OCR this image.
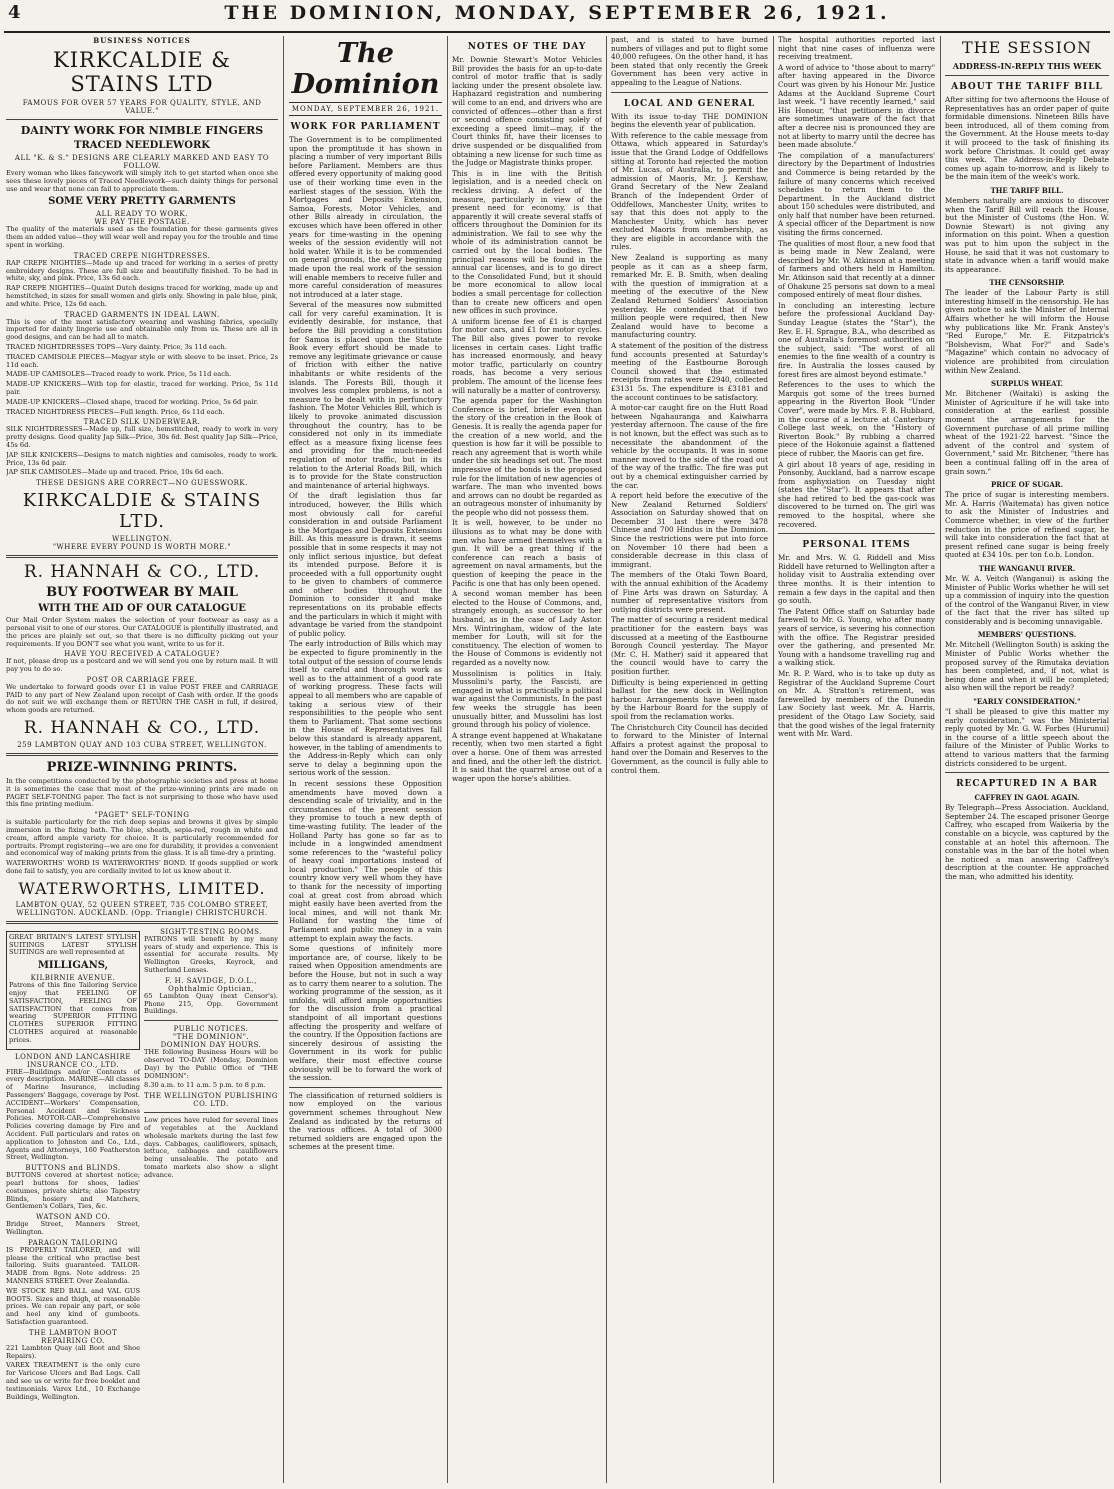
4	THE DOMINION, MONDAY, SEPTEMBER 26, 1921.
BUSINESS NOTICES
KIRKCALDIE & STAINS LTD
FAMOUS FOR OVER 57 YEARS FOR QUALITY, STYLE, AND VALUE."
DAINTY WORK FOR NIMBLE FINGERS
TRACED NEEDLEWORK
ALL "K. & S." DESIGNS ARE CLEARLY MARKED AND EASY TO FOLLOW.

Every woman who likes fancywork will simply itch to get started when once she sees these lovely pieces of Traced Needlework—such dainty things for personal use and wear that none can fail to appreciate them.

SOME VERY PRETTY GARMENTS
ALL READY TO WORK.
WE PAY THE POSTAGE.

The quality of the materials used as the foundation for these garments gives them an added value—they will wear well and repay you for the trouble and time spent in working.

TRACED CREPE NIGHTDRESSES.

RAP CREPE NIGHTIES—Made up and traced for working in a series of pretty embroidery designs. These are full size and beautifully finished. To be had in white, sky, and pink. Price, 13s 6d each.

RAP CREPE NIGHTIES—Quaint Dutch designs traced for working, made up and hemstitched, in sizes for small women and girls only. Showing in pale blue, pink, and white. Price, 12s 6d each.

TRACED GARMENTS IN IDEAL LAWN.

This is one of the most satisfactory wearing and washing fabrics, specially imported for dainty lingerie use and obtainable only from us. These are all in good designs, and can be had all to match.

TRACED NIGHTDRESSES TOPS—Very dainty. Price, 3s 11d each.

TRACED CAMISOLE PIECES—Magyar style or with sleeve to be inset. Price, 2s 11d each.

MADE-UP CAMISOLES—Traced ready to work. Price, 5s 11d each.

MADE-UP KNICKERS—With top for elastic, traced for working. Price, 5s 11d pair.

MADE-UP KNICKERS—Closed shape, traced for working. Price, 5s 6d pair.

TRACED NIGHTDRESS PIECES—Full length. Price, 6s 11d each.

TRACED SILK UNDERWEAR.

SILK NIGHTDRESSES—Made up, full size, hemstitched, ready to work in very pretty designs. Good quality Jap Silk—Price, 30s 6d. Best quality Jap Silk—Price, 45s 6d.

JAP SILK KNICKERS—Designs to match nighties and camisoles, ready to work. Price, 13s 6d pair.

JAP SILK CAMISOLES—Made up and traced. Price, 10s 6d each.

THESE DESIGNS ARE CORRECT—NO GUESSWORK.
KIRKCALDIE & STAINS LTD.
WELLINGTON.
"WHERE EVERY POUND IS WORTH MORE."
R. HANNAH & CO., LTD.
BUY FOOTWEAR BY MAIL
WITH THE AID OF OUR CATALOGUE

Our Mail Order System makes the selection of your footwear as easy as a personal visit to one of our stores. Our CATALOGUE is plentifully illustrated, and the prices are plainly set out, so that there is no difficulty picking out your requirements. If you DON'T see what you want, write to us for it.

HAVE YOU RECEIVED A CATALOGUE?

If not, please drop us a postcard and we will send you one by return mail. It will pay you to do so.

POST OR CARRIAGE FREE.

We undertake to forward goods over £1 in value POST FREE and CARRIAGE PAID to any part of New Zealand upon receipt of Cash with order. If the goods do not suit we will exchange them or RETURN THE CASH in full, if desired, whom goods are returned.

R. HANNAH & CO., LTD.
259 LAMBTON QUAY AND 103 CUBA STREET, WELLINGTON.
PRIZE-WINNING PRINTS.

In the competitions conducted by the photographic societies and press at home it is sometimes the case that most of the prize-winning prints are made on PAGET SELF-TONING paper. The fact is not surprising to those who have used this fine printing medium.

"PAGET" SELF-TONING

is suitable particularly for the rich deep sepias and browns it gives by simple immersion in the fixing bath. The blue, sheath, sepia-red, rough in white and cream, afford ample variety for choice. It is particularly recommended for portraits. Prompt registering—we are one for durability, it provides a convenient and economical way of making prints from the glass. It is all time-dry a printing.

WATERWORTHS' WORD IS WATERWORTHS' BOND. If goods supplied or work done fail to satisfy, you are cordially invited to let us know about it.

WATERWORTHS, LIMITED.
LAMBTON QUAY, 52 QUEEN STREET, 735 COLOMBO STREET,
WELLINGTON. AUCKLAND. (Opp. Triangle) CHRISTCHURCH.

GREAT BRITAIN'S LATEST STYLISH SUITINGS LATEST STYLISH SUITINGS are well represented at

MILLIGANS,
KILBIRNIE AVENUE.

Patrons of this fine Tailoring Service enjoy that FEELING OF SATISFACTION, FEELING OF SATISFACTION that comes from wearing SUPERIOR FITTING CLOTHES SUPERIOR FITTING CLOTHES acquired at reasonable prices.

LONDON AND LANCASHIRE INSURANCE CO., LTD.

FIRE—Buildings and/or Contents of every description. MARINE—All classes of Marine Insurance, including Passengers' Baggage, coverage by Post. ACCIDENT—Workers' Compensation, Personal Accident and Sickness Policies. MOTOR-CAR—Comprehensive Policies covering damage by Fire and Accident. Full particulars and rates on application to Johnston and Co., Ltd., Agents and Attorneys, 160 Featherston Street, Wellington.

BUTTONS and BLINDS.

BUTTONS covered at shortest notice; pearl buttons for shoes, ladies' costumes, private shirts; also Tapestry Blinds, hosiery and Matchers, Gentlemen's Collars, Ties, &c.

WATSON AND CO.

Bridge Street, Manners Street, Wellington.

PARAGON TAILORING

IS PROPERLY TAILORED, and will please the critical who practise best tailoring. Suits guaranteed. TAILOR-MADE from 8gns. Note address: 25 MANNERS STREET. Over Zealandia.

WE STOCK RED BALL and VAL GUS BOOTS. Sizes and thigh, at reasonable prices. We can repair any part, or sole and heel any kind of gumboots. Satisfaction guaranteed.

THE LAMBTON BOOT REPAIRING CO.

221 Lambton Quay (all Boot and Shoe Repairs).

VAREX TREATMENT is the only cure for Varicose Ulcers and Bad Legs. Call and see us or write for free booklet and testimonials. Varex Ltd., 10 Exchange Buildings, Wellington.

SIGHT-TESTING ROOMS.

PATRONS will benefit by my many years of study and experience. This is essential for accurate results. My Wellington Greeks, Keyrock, and Sutherland Lenses.

F. H. SAVIDGE, D.O.L.,
Ophthalmic Optician,

65 Lambton Quay (next Censor's). Phone 215, Opp. Government Buildings.

PUBLIC NOTICES.
"THE DOMINION".
DOMINION DAY HOURS.

THE following Business Hours will be observed TO-DAY (Monday, Dominion Day) by the Public Office of "THE DOMINION":

8.30 a.m. to 11 a.m. 5 p.m. to 8 p.m.

THE WELLINGTON PUBLISHING CO. LTD.

Low prices have ruled for several lines of vegetables at the Auckland wholesale markets during the last few days. Cabbages, cauliflowers, spinach, lettuce, cabbages and cauliflowers being unsaleable. The potato and tomato markets also show a slight advance.

The Dominion
MONDAY, SEPTEMBER 26, 1921.
WORK FOR PARLIAMENT

The Government is to be complimented upon the promptitude it has shown in placing a number of very important Bills before Parliament. Members are thus offered every opportunity of making good use of their working time even in the earliest stages of the session. With the Mortgages and Deposits Extension, Samoa, Forests, Motor Vehicles, and other Bills already in circulation, the excuses which have been offered in other years for time-wasting in the opening weeks of the session evidently will not hold water. While it is to be commended on general grounds, the early beginning made upon the real work of the session will enable members to receive fuller and more careful consideration of measures not introduced at a later stage.

Several of the measures now submitted call for very careful examination. It is evidently desirable, for instance, that before the Bill providing a constitution for Samoa is placed upon the Statute Book every effort should be made to remove any legitimate grievance or cause of friction with either the native inhabitants or white residents of the islands. The Forests Bill, though it involves less complex problems, is not a measure to be dealt with in perfunctory fashion. The Motor Vehicles Bill, which is likely to provoke animated discussion throughout the country, has to be considered not only in its immediate effect as a measure fixing license fees and providing for the much-needed regulation of motor traffic, but in its relation to the Arterial Roads Bill, which is to provide for the State construction and maintenance of arterial highways.

Of the draft legislation thus far introduced, however, the Bills which most obviously call for careful consideration in and outside Parliament is the Mortgages and Deposits Extension Bill. As this measure is drawn, it seems possible that in some respects it may not only inflict serious injustice, but defeat its intended purpose. Before it is proceeded with a full opportunity ought to be given to chambers of commerce and other bodies throughout the Dominion to consider it and make representations on its probable effects and the particulars in which it might with advantage be varied from the standpoint of public policy.

The early introduction of Bills which may be expected to figure prominently in the total output of the session of course lends itself to careful and thorough work as well as to the attainment of a good rate of working progress. These facts will appeal to all members who are capable of taking a serious view of their responsibilities to the people who sent them to Parliament. That some sections in the House of Representatives fall below this standard is already apparent, however, in the tabling of amendments to the Address-in-Reply which can only serve to delay a beginning upon the serious work of the session.

In recent sessions these Opposition amendments have moved down a descending scale of triviality, and in the circumstances of the present session they promise to touch a new depth of time-wasting futility. The leader of the Holland Party has gone so far as to include in a longwinded amendment some references to the "wasteful policy of heavy coal importations instead of local production." The people of this country know very well whom they have to thank for the necessity of importing coal at great cost from abroad which might easily have been averted from the local mines, and will not thank Mr. Holland for wasting the time of Parliament and public money in a vain attempt to explain away the facts.

Some questions of infinitely more importance are, of course, likely to be raised when Opposition amendments are before the House, but not in such a way as to carry them nearer to a solution. The working programme of the session, as it unfolds, will afford ample opportunities for the discussion from a practical standpoint of all important questions affecting the prosperity and welfare of the country. If the Opposition factions are sincerely desirous of assisting the Government in its work for public welfare, their most effective course obviously will be to forward the work of the session.

The classification of returned soldiers is now employed on the various government schemes throughout New Zealand as indicated by the returns of the various offices. A total of 3000 returned soldiers are engaged upon the schemes at the present time.

NOTES OF THE DAY

Mr. Downie Stewart's Motor Vehicles Bill provides the basis for an up-to-date control of motor traffic that is sadly lacking under the present obsolete law. Haphazard registration and numbering will come to an end, and drivers who are convicted of offences—other than a first or second offence consisting solely of exceeding a speed limit—may, if the Court thinks fit, have their licenses to drive suspended or be disqualified from obtaining a new license for such time as the Judge or Magistrate thinks proper.

This is in line with the British legislation, and is a needed check on reckless driving. A defect of the measure, particularly in view of the present need for economy, is that apparently it will create several staffs of officers throughout the Dominion for its administration. We fail to see why the whole of its administration cannot be carried out by the local bodies. The principal reasons will be found in the annual car licenses, and is to go direct to the Consolidated Fund, but it should be more economical to allow local bodies a small percentage for collection than to create new officers and open new offices in such province.

A uniform license fee of £1 is charged for motor cars, and £1 for motor cycles. The Bill also gives power to revoke licenses in certain cases. Light traffic has increased enormously, and heavy motor traffic, particularly on country roads, has become a very serious problem. The amount of the license fees will naturally be a matter of controversy.

The agenda paper for the Washington Conference is brief, briefer even than the story of the creation in the Book of Genesis. It is really the agenda paper for the creation of a new world, and the question is how far it will be possible to reach any agreement that is worth while under the six headings set out. The most impressive of the bonds is the proposed rule for the limitation of new agencies of warfare. The man who invented bows and arrows can no doubt be regarded as an outrageous monster of inhumanity by the people who did not possess them.

It is well, however, to be under no illusions as to what may be done with men who have armed themselves with a gun. It will be a great thing if the conference can reach a basis of agreement on naval armaments, but the question of keeping the peace in the Pacific is one that has only been opened.

A second woman member has been elected to the House of Commons, and, strangely enough, as successor to her husband, as in the case of Lady Astor. Mrs. Wintringham, widow of the late member for Louth, will sit for the constituency. The election of women to the House of Commons is evidently not regarded as a novelty now.

Mussolinism is politics in Italy. Mussolini's party, the Fascisti, are engaged in what is practically a political war against the Communists. In the past few weeks the struggle has been unusually bitter, and Mussolini has lost ground through his policy of violence.

A strange event happened at Whakatane recently, when two men started a fight over a horse. One of them was arrested and fined, and the other left the district. It is said that the quarrel arose out of a wager upon the horse's abilities.

past, and is stated to have burned numbers of villages and put to flight some 40,000 refugees. On the other hand, it has been stated that only recently the Greek Government has been very active in appealing to the League of Nations.

LOCAL AND GENERAL

With its issue to-day THE DOMINION begins the eleventh year of publication.

With reference to the cable message from Ottawa, which appeared in Saturday's issue that the Grand Lodge of Oddfellows sitting at Toronto had rejected the motion of Mr. Lucas, of Australia, to permit the admission of Maoris, Mr. J. Kershaw, Grand Secretary of the New Zealand Branch of the Independent Order of Oddfellows, Manchester Unity, writes to say that this does not apply to the Manchester Unity, which has never excluded Maoris from membership, as they are eligible in accordance with the rules.

New Zealand is supporting as many people as it can as a sheep farm, remarked Mr. E. B. Smith, when dealing with the question of immigration at a meeting of the executive of the New Zealand Returned Soldiers' Association yesterday. He contended that if two million people were required, then New Zealand would have to become a manufacturing country.

A statement of the position of the distress fund accounts presented at Saturday's meeting of the Eastbourne Borough Council showed that the estimated receipts from rates were £2940, collected £3131 5s. The expenditure is £3181 and the account continues to be satisfactory.

A motor-car caught fire on the Hutt Road between Ngahauranga and Kaiwharra yesterday afternoon. The cause of the fire is not known, but the effect was such as to necessitate the abandonment of the vehicle by the occupants. It was in some manner moved to the side of the road out of the way of the traffic. The fire was put out by a chemical extinguisher carried by the car.

A report held before the executive of the New Zealand Returned Soldiers' Association on Saturday showed that on December 31 last there were 3478 Chinese and 700 Hindus in the Dominion. Since the restrictions were put into force on November 10 there had been a considerable decrease in this class of immigrant.

The members of the Otaki Town Board, with the annual exhibition of the Academy of Fine Arts was drawn on Saturday. A number of representative visitors from outlying districts were present.

The matter of securing a resident medical practitioner for the eastern bays was discussed at a meeting of the Eastbourne Borough Council yesterday. The Mayor (Mr. C. H. Mather) said it appeared that the council would have to carry the position further.

Difficulty is being experienced in getting ballast for the new dock in Wellington harbour. Arrangements have been made by the Harbour Board for the supply of spoil from the reclamation works.

The Christchurch City Council has decided to forward to the Minister of Internal Affairs a protest against the proposal to hand over the Domain and Reserves to the Government, as the council is fully able to control them.

The hospital authorities reported last night that nine cases of influenza were receiving treatment.

A word of advice to "those about to marry" after having appeared in the Divorce Court was given by his Honour Mr. Justice Adams at the Auckland Supreme Court last week. "I have recently learned," said His Honour, "that petitioners in divorce are sometimes unaware of the fact that after a decree nisi is pronounced they are not at liberty to marry until the decree has been made absolute."

The compilation of a manufacturers' directory by the Department of Industries and Commerce is being retarded by the failure of many concerns which received schedules to return them to the Department. In the Auckland district about 150 schedules were distributed, and only half that number have been returned. A special officer of the Department is now visiting the firms concerned.

The qualities of most flour, a new food that is being made in New Zealand, were described by Mr. W. Atkinson at a meeting of farmers and others held in Hamilton. Mr. Atkinson said that recently at a dinner of Ohakune 25 persons sat down to a meal composed entirely of meat flour dishes.

In concluding an interesting lecture before the professional Auckland Day-Sunday League (states the "Star"), the Rev. E. H. Sprague, B.A., who described as one of Australia's foremost authorities on the subject, said: "The worst of all enemies to the fine wealth of a country is fire. In Australia the losses caused by forest fires are almost beyond estimate."

References to the uses to which the Marquis got some of the trees burned appearing in the Riverton Book "Under Cover", were made by Mrs. F. B. Hubbard, in the course of a lecture at Canterbury College last week, on the "History of Riverton Book." By rubbing a charred piece of the Hokonuie against a flattened piece of rubber, the Maoris can get fire.

A girl about 18 years of age, residing in Ponsonby, Auckland, had a narrow escape from asphyxiation on Tuesday night (states the "Star"). It appears that after she had retired to bed the gas-cock was discovered to be turned on. The girl was removed to the hospital, where she recovered.

PERSONAL ITEMS

Mr. and Mrs. W. G. Riddell and Miss Riddell have returned to Wellington after a holiday visit to Australia extending over three months. It is their intention to remain a few days in the capital and then go south.

The Patent Office staff on Saturday bade farewell to Mr. G. Young, who after many years of service, is severing his connection with the office. The Registrar presided over the gathering, and presented Mr. Young with a handsome travelling rug and a walking stick.

Mr. R. P. Ward, who is to take up duty as Registrar of the Auckland Supreme Court on Mr. A. Stratton's retirement, was farewelled by members of the Dunedin Law Society last week. Mr. A. Harris, president of the Otago Law Society, said that the good wishes of the legal fraternity went with Mr. Ward.

THE SESSION
ADDRESS-IN-REPLY THIS WEEK
ABOUT THE TARIFF BILL

After sitting for two afternoons the House of Representatives has an order paper of quite formidable dimensions. Nineteen Bills have been introduced, all of them coming from the Government. At the House meets to-day it will proceed to the task of finishing its work before Christmas. It could get away this week. The Address-in-Reply Debate comes up again to-morrow, and is likely to be the main item of the week's work.

THE TARIFF BILL.

Members naturally are anxious to discover when the Tariff Bill will reach the House, but the Minister of Customs (the Hon. W. Downie Stewart) is not giving any information on this point. When a question was put to him upon the subject in the House, he said that it was not customary to state in advance when a tariff would make its appearance.

THE CENSORSHIP.

The leader of the Labour Party is still interesting himself in the censorship. He has given notice to ask the Minister of Internal Affairs whether he will inform the House why publications like Mr. Frank Anstey's "Red Europe," Mr. E. Fitzpatrick's "Bolshevism, What For?" and Sade's "Magazine" which contain no advocacy of violence are prohibited from circulation within New Zealand.

SURPLUS WHEAT.

Mr. Bitchener (Waitaki) is asking the Minister of Agriculture if he will take into consideration at the earliest possible moment the arrangements for the Government purchase of all prime milling wheat of the 1921-22 harvest. "Since the advent of the control and system of Government," said Mr. Bitchener, "there has been a continual falling off in the area of grain sown."

PRICE OF SUGAR.

The price of sugar is interesting members. Mr. A. Harris (Waitemata) has given notice to ask the Minister of Industries and Commerce whether, in view of the further reduction in the price of refined sugar, he will take into consideration the fact that at present refined cane sugar is being freely quoted at £34 10s. per ton f.o.b. London.

THE WANGANUI RIVER.

Mr. W. A. Veitch (Wanganui) is asking the Minister of Public Works whether he will set up a commission of inquiry into the question of the control of the Wanganui River, in view of the fact that the river has silted up considerably and is becoming unnavigable.

MEMBERS' QUESTIONS.

Mr. Mitchell (Wellington South) is asking the Minister of Public Works whether the proposed survey of the Rimutaka deviation has been completed, and, if not, what is being done and when it will be completed; also when will the report be ready?

"EARLY CONSIDERATION."

"I shall be pleased to give this matter my early consideration," was the Ministerial reply quoted by Mr. G. W. Forbes (Hurunui) in the course of a little speech about the failure of the Minister of Public Works to attend to various matters that the farming districts considered to be urgent.

RECAPTURED IN A BAR
CAFFREY IN GAOL AGAIN.

By Telegraph—Press Association. Auckland, September 24. The escaped prisoner George Caffrey, who escaped from Waikeria by the constable on a bicycle, was captured by the constable at an hotel this afternoon. The constable was in the bar of the hotel when he noticed a man answering Caffrey's description at the counter. He approached the man, who admitted his identity.
